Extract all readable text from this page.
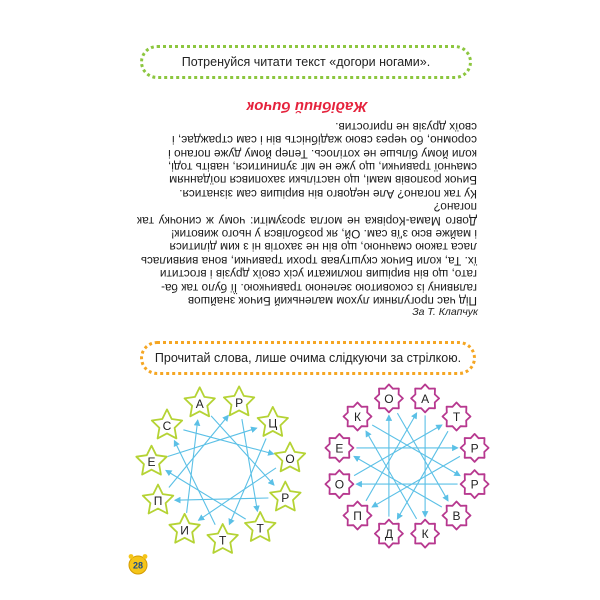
Потренуйся читати текст «догори ногами».
Жадібний бичок
Під час прогулянки лухом маленький Бичок знайшов
галявину із соковитою зеленою травичкою. Її було так ба-
гато, що він вирішив покликати усіх своїх друзів і вгостити
їх. Та, коли Бичок скуштував трохи травички, вона виявилась
ласа такою смачною, що він не захотів ні з ким ділитися
і майже всю з'їв сам. Ой, як розболівся у нього животик!
Довго Мама-Корівка не могла зрозуміти: чому ж синочку так погано?
Ку так погано? Але недовго він вирішив сам зізнатися.
Бичок розповів мамі, що настільки захопився поїданням
смачної травички, що уже не міг зупинитися, навіть тоді,
коли йому більше не хотілось. Тепер йому дуже погано і
соромно, бо через свою жадібність він і сам страждає, і
своїх друзів не пригостив.
За Т. Клапчук
Прочитай слова, лише очима слідкуючи за стрілкою.
Р
Ц
О
Р
Т
Т
И
П
Е
С
А	А
Т
Р
Р
В
К
Д
П
О
Е
К
О
28
